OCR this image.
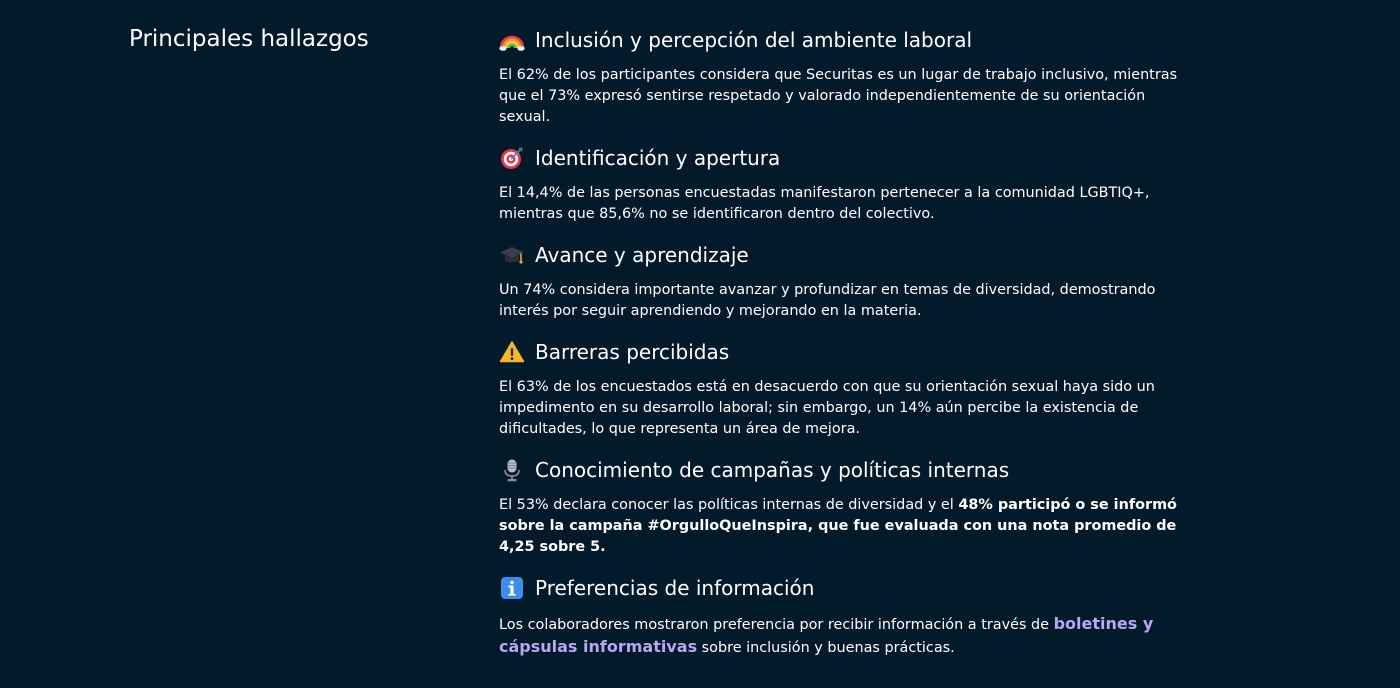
Principales hallazgos	Inclusión y percepción del ambiente laboral

El 62% de los participantes considera que Securitas es un lugar de trabajo inclusivo, mientras que el 73% expresó sentirse respetado y valorado independientemente de su orientación sexual.

Identificación y apertura

El 14,4% de las personas encuestadas manifestaron pertenecer a la comunidad LGBTIQ+, mientras que 85,6% no se identificaron dentro del colectivo.

Avance y aprendizaje

Un 74% considera importante avanzar y profundizar en temas de diversidad, demostrando interés por seguir aprendiendo y mejorando en la materia.

Barreras percibidas

El 63% de los encuestados está en desacuerdo con que su orientación sexual haya sido un impedimento en su desarrollo laboral; sin embargo, un 14% aún percibe la existencia de dificultades, lo que representa un área de mejora.

Conocimiento de campañas y políticas internas

El 53% declara conocer las políticas internas de diversidad y el 48% participó o se informó sobre la campaña #OrgulloQueInspira, que fue evaluada con una nota promedio de 4,25 sobre 5.

Preferencias de información

Los colaboradores mostraron preferencia por recibir información a través de boletines y cápsulas informativas sobre inclusión y buenas prácticas.
